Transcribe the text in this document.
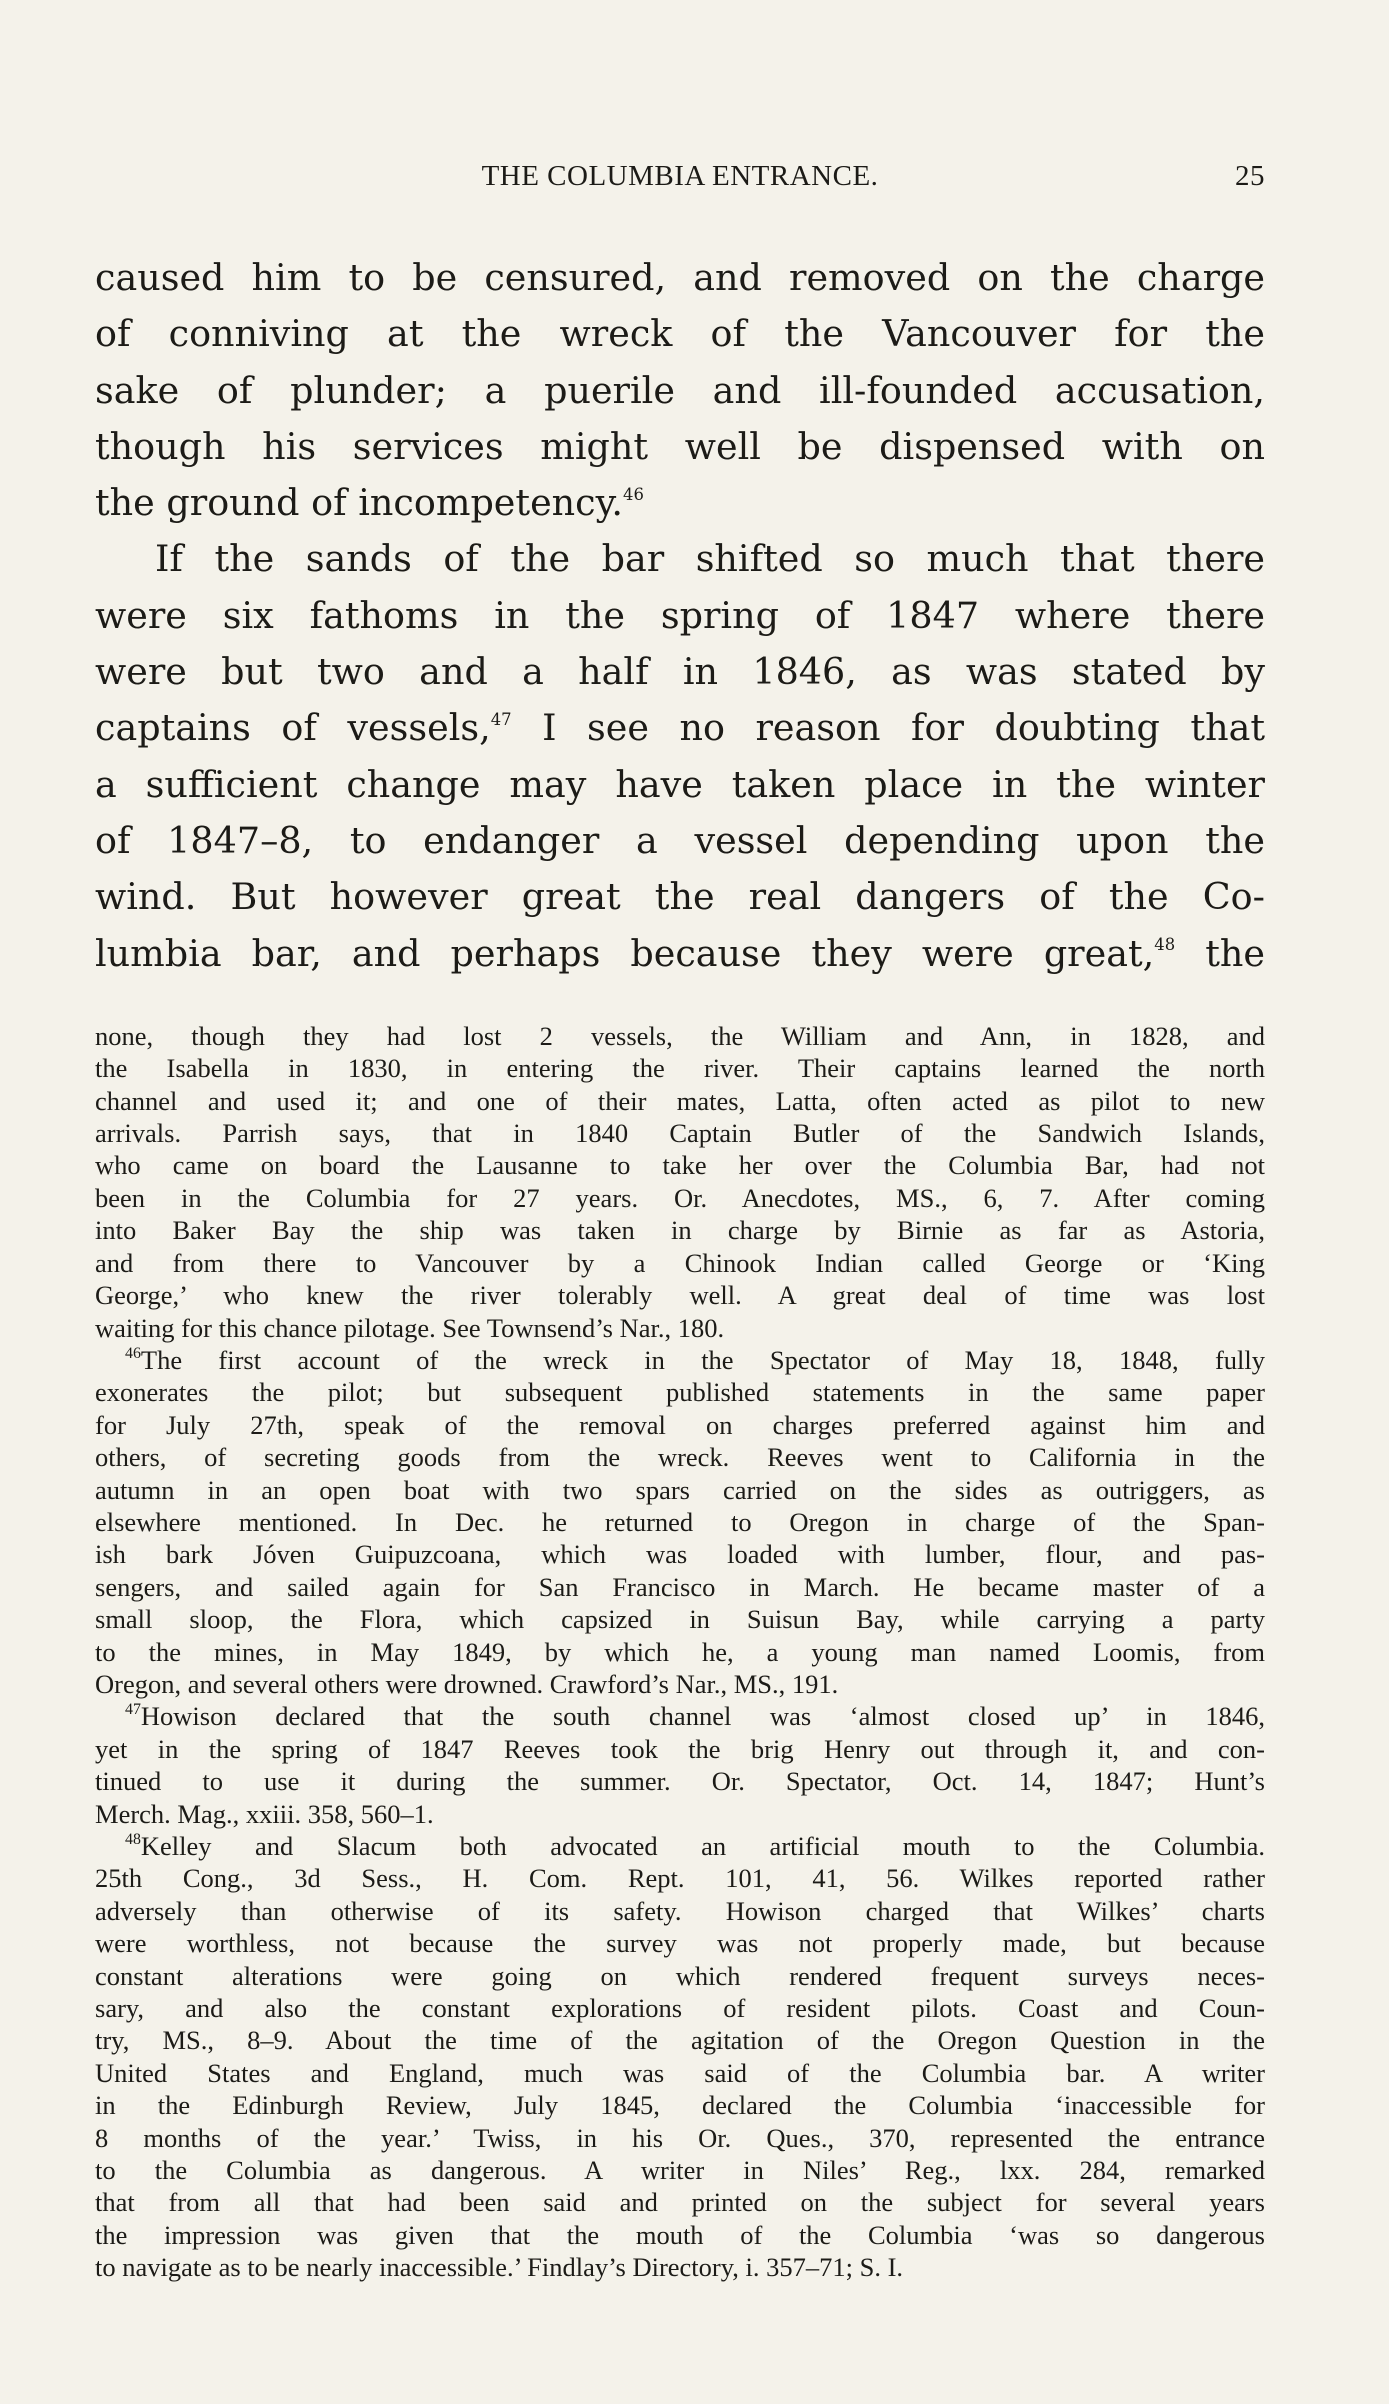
THE COLUMBIA ENTRANCE.	25
caused him to be censured, and removed on the charge
of conniving at the wreck of the Vancouver for the
sake of plunder; a puerile and ill-founded accusation,
though his services might well be dispensed with on
the ground of incompetency.$^{46}$
If the sands of the bar shifted so much that there
were six fathoms in the spring of 1847 where there
were but two and a half in 1846, as was stated by
captains of vessels,$^{47}$ I see no reason for doubting that
a sufficient change may have taken place in the winter
of 1847–8, to endanger a vessel depending upon the
wind. But however great the real dangers of the Co-
lumbia bar, and perhaps because they were great,$^{48}$ the
none, though they had lost 2 vessels, the William and Ann, in 1828, and
the Isabella in 1830, in entering the river. Their captains learned the north
channel and used it; and one of their mates, Latta, often acted as pilot to new
arrivals. Parrish says, that in 1840 Captain Butler of the Sandwich Islands,
who came on board the Lausanne to take her over the Columbia Bar, had not
been in the Columbia for 27 years. Or. Anecdotes, MS., 6, 7. After coming
into Baker Bay the ship was taken in charge by Birnie as far as Astoria,
and from there to Vancouver by a Chinook Indian called George or ‘King
George,’ who knew the river tolerably well. A great deal of time was lost
waiting for this chance pilotage. See Townsend’s Nar., 180.
$^{46}$The first account of the wreck in the Spectator of May 18, 1848, fully
exonerates the pilot; but subsequent published statements in the same paper
for July 27th, speak of the removal on charges preferred against him and
others, of secreting goods from the wreck. Reeves went to California in the
autumn in an open boat with two spars carried on the sides as outriggers, as
elsewhere mentioned. In Dec. he returned to Oregon in charge of the Span-
ish bark Jóven Guipuzcoana, which was loaded with lumber, flour, and pas-
sengers, and sailed again for San Francisco in March. He became master of a
small sloop, the Flora, which capsized in Suisun Bay, while carrying a party
to the mines, in May 1849, by which he, a young man named Loomis, from
Oregon, and several others were drowned. Crawford’s Nar., MS., 191.
$^{47}$Howison declared that the south channel was ‘almost closed up’ in 1846,
yet in the spring of 1847 Reeves took the brig Henry out through it, and con-
tinued to use it during the summer. Or. Spectator, Oct. 14, 1847; Hunt’s
Merch. Mag., xxiii. 358, 560–1.
$^{48}$Kelley and Slacum both advocated an artificial mouth to the Columbia.
25th Cong., 3d Sess., H. Com. Rept. 101, 41, 56. Wilkes reported rather
adversely than otherwise of its safety. Howison charged that Wilkes’ charts
were worthless, not because the survey was not properly made, but because
constant alterations were going on which rendered frequent surveys neces-
sary, and also the constant explorations of resident pilots. Coast and Coun-
try, MS., 8–9. About the time of the agitation of the Oregon Question in the
United States and England, much was said of the Columbia bar. A writer
in the Edinburgh Review, July 1845, declared the Columbia ‘inaccessible for
8 months of the year.’ Twiss, in his Or. Ques., 370, represented the entrance
to the Columbia as dangerous. A writer in Niles’ Reg., lxx. 284, remarked
that from all that had been said and printed on the subject for several years
the impression was given that the mouth of the Columbia ‘was so dangerous
to navigate as to be nearly inaccessible.’ Findlay’s Directory, i. 357–71; S. I.
